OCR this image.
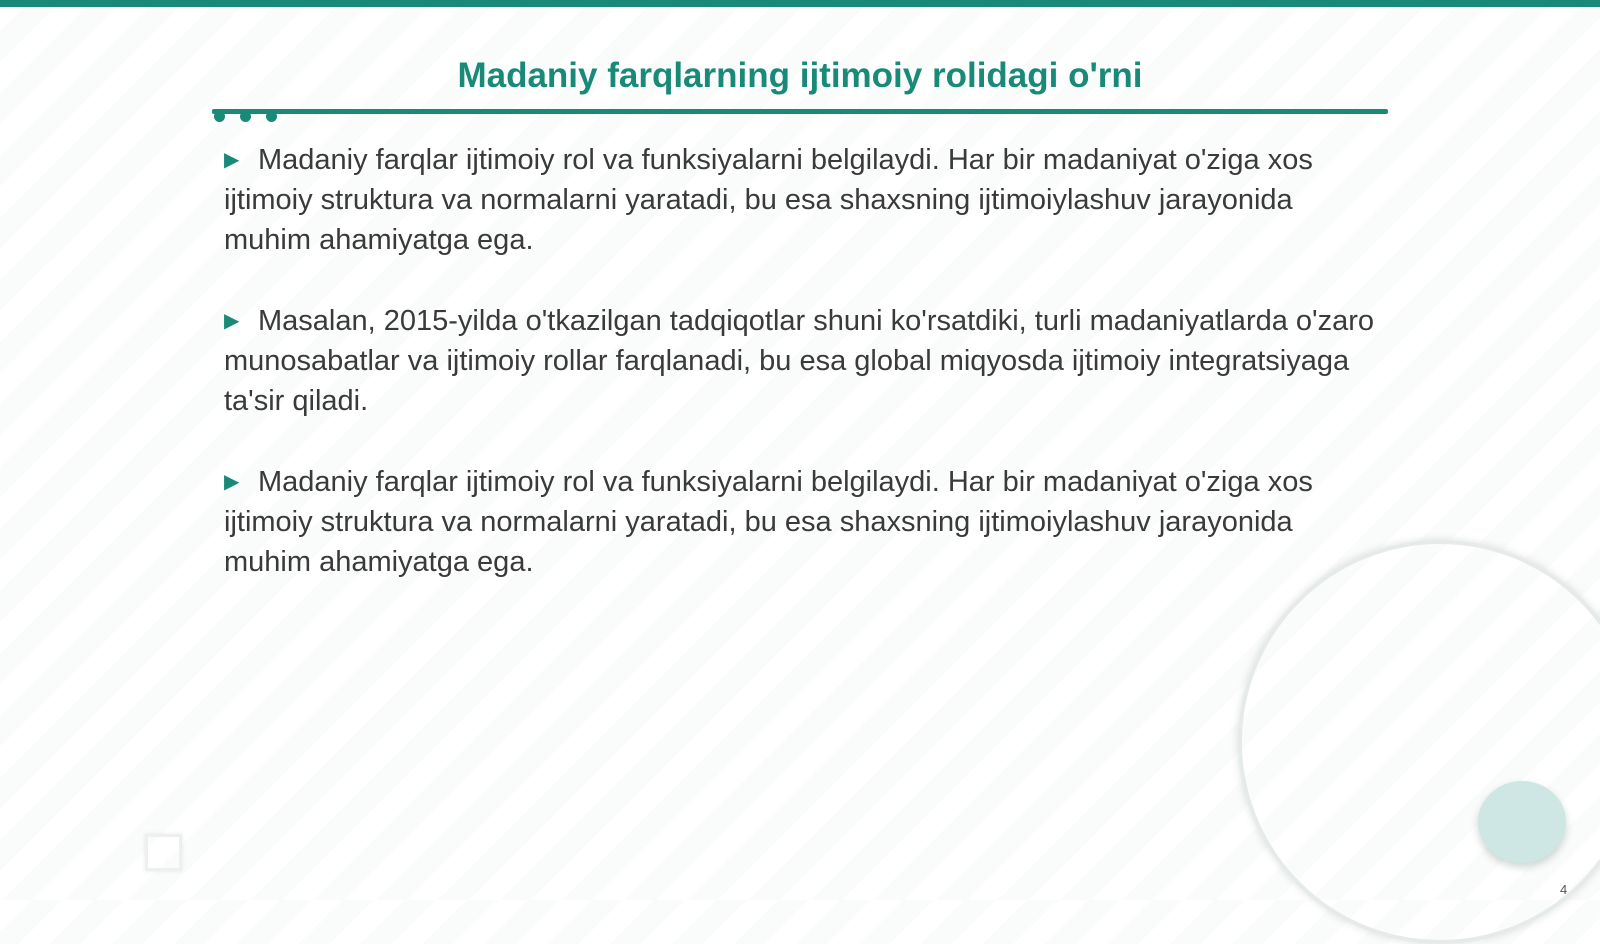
Madaniy farqlarning ijtimoiy rolidagi o'rni

▶ Madaniy farqlar ijtimoiy rol va funksiyalarni belgilaydi. Har bir madaniyat o'ziga xos ijtimoiy struktura va normalarni yaratadi, bu esa shaxsning ijtimoiylashuv jarayonida muhim ahamiyatga ega.

▶ Masalan, 2015-yilda o'tkazilgan tadqiqotlar shuni ko'rsatdiki, turli madaniyatlarda o'zaro munosabatlar va ijtimoiy rollar farqlanadi, bu esa global miqyosda ijtimoiy integratsiyaga ta'sir qiladi.

▶ Madaniy farqlar ijtimoiy rol va funksiyalarni belgilaydi. Har bir madaniyat o'ziga xos ijtimoiy struktura va normalarni yaratadi, bu esa shaxsning ijtimoiylashuv jarayonida muhim ahamiyatga ega.

4
